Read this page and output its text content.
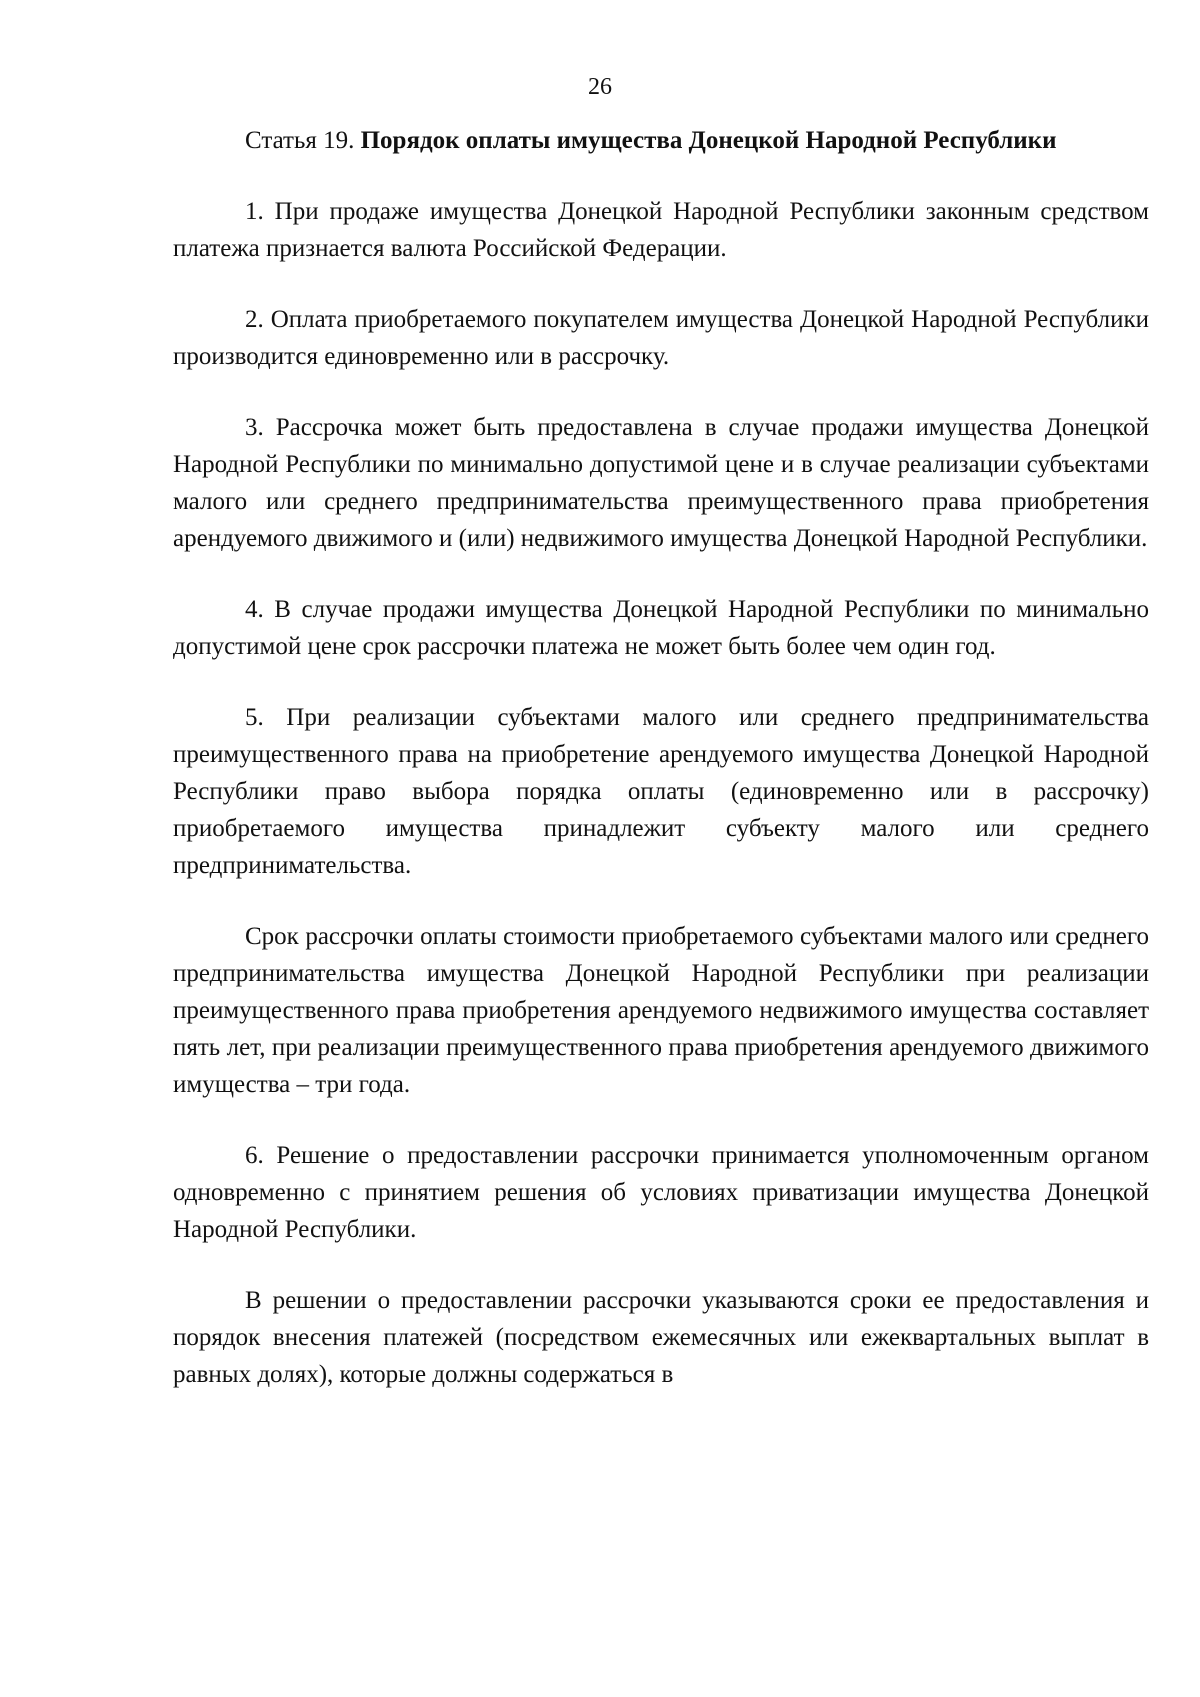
26

Статья 19. Порядок оплаты имущества Донецкой Народной Республики

1. При продаже имущества Донецкой Народной Республики законным средством платежа признается валюта Российской Федерации.

2. Оплата приобретаемого покупателем имущества Донецкой Народной Республики производится единовременно или в рассрочку.

3. Рассрочка может быть предоставлена в случае продажи имущества Донецкой Народной Республики по минимально допустимой цене и в случае реализации субъектами малого или среднего предпринимательства преимущественного права приобретения арендуемого движимого и (или) недвижимого имущества Донецкой Народной Республики.

4. В случае продажи имущества Донецкой Народной Республики по минимально допустимой цене срок рассрочки платежа не может быть более чем один год.

5. При реализации субъектами малого или среднего предпринимательства преимущественного права на приобретение арендуемого имущества Донецкой Народной Республики право выбора порядка оплаты (единовременно или в рассрочку) приобретаемого имущества принадлежит субъекту малого или среднего предпринимательства.

Срок рассрочки оплаты стоимости приобретаемого субъектами малого или среднего предпринимательства имущества Донецкой Народной Республики при реализации преимущественного права приобретения арендуемого недвижимого имущества составляет пять лет, при реализации преимущественного права приобретения арендуемого движимого имущества – три года.

6. Решение о предоставлении рассрочки принимается уполномоченным органом одновременно с принятием решения об условиях приватизации имущества Донецкой Народной Республики.

В решении о предоставлении рассрочки указываются сроки ее предоставления и порядок внесения платежей (посредством ежемесячных или ежеквартальных выплат в равных долях), которые должны содержаться в
